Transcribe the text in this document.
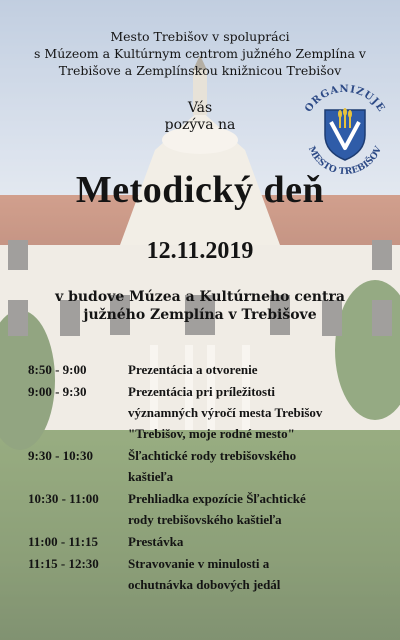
ORGANIZUJE
MESTO TREBIŠOV
Mesto Trebišov v spolupráci
s Múzeom a Kultúrnym centrom južného Zemplína v
Trebišove a Zemplínskou knižnicou Trebišov
Vás
pozýva na
Metodický deň
12.11.2019
v budove Múzea a Kultúrneho centra
južného Zemplína v Trebišove
8:50 - 9:00	Prezentácia a otvorenie
9:00 - 9:30	Prezentácia pri príležitosti
významných výročí mesta Trebišov
"Trebišov, moje rodné mesto"
9:30 - 10:30	Šľachtické rody trebišovského
kaštieľa
10:30 - 11:00	Prehliadka expozície Šľachtické
rody trebišovského kaštieľa
11:00 - 11:15	Prestávka
11:15 - 12:30	Stravovanie v minulosti a
ochutnávka dobových jedál
